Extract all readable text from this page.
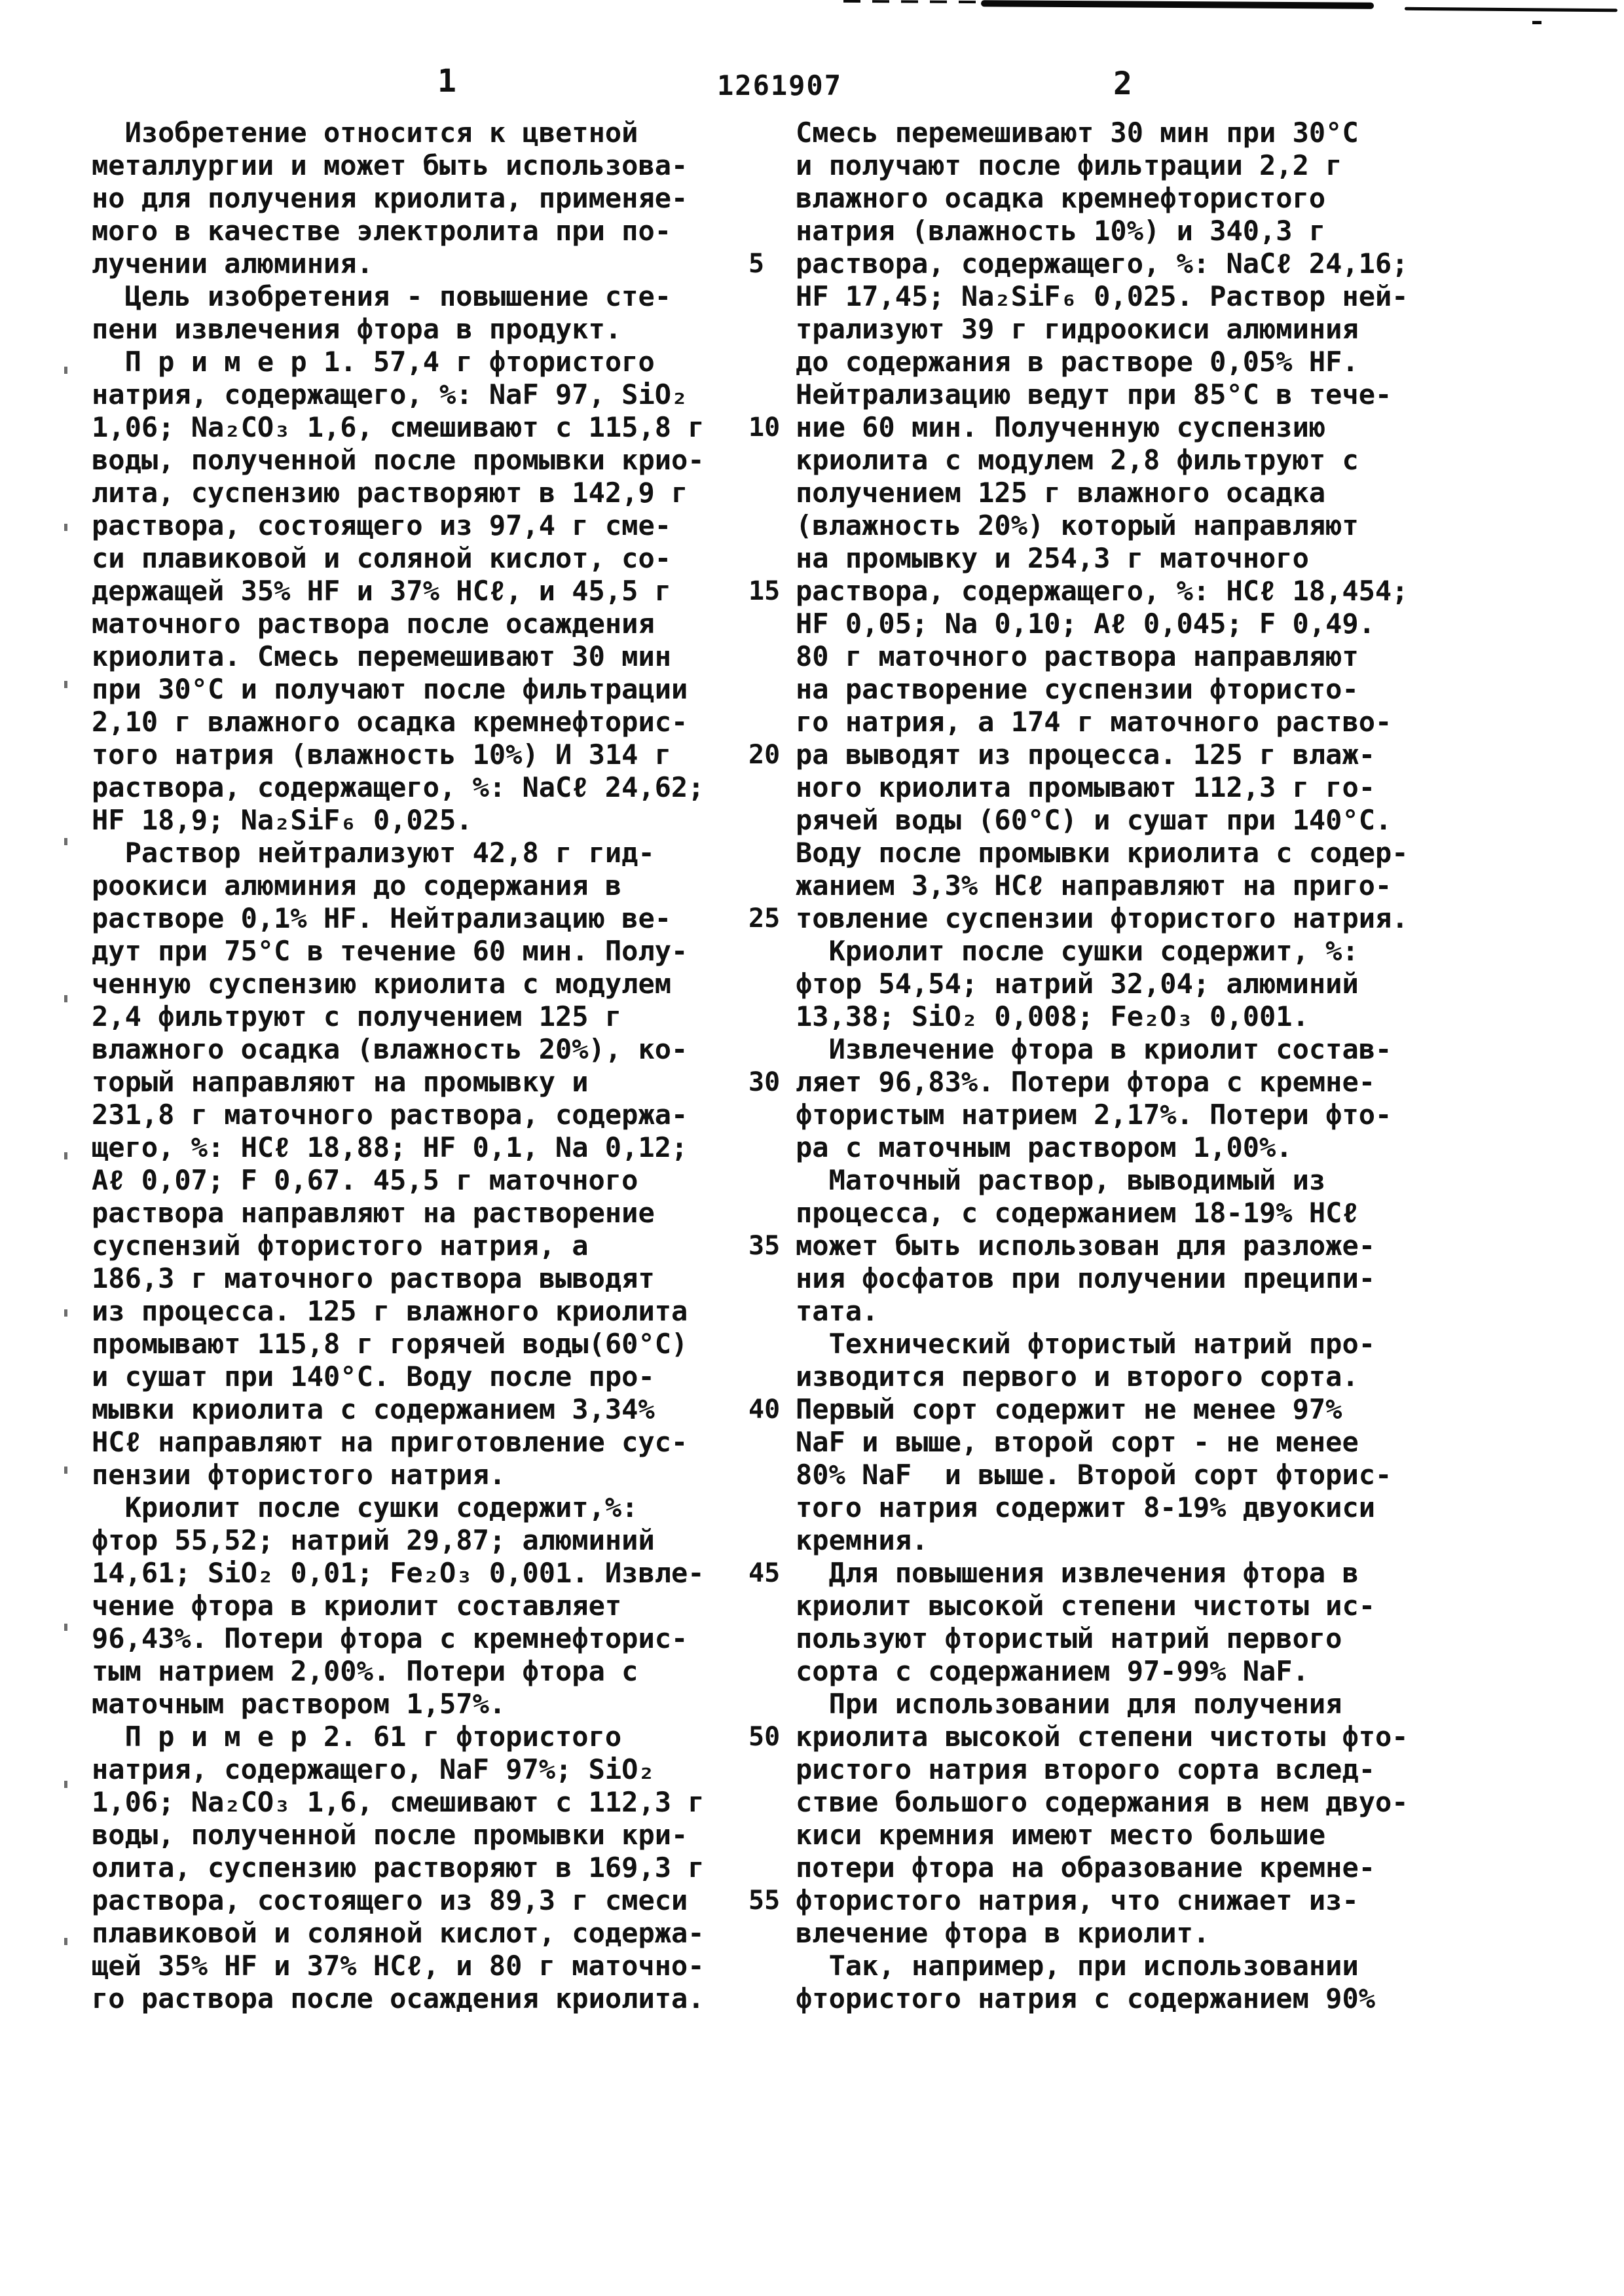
1	1261907	2
Изобретение относится к цветной
металлургии и может быть использова-
но для получения криолита, применяе-
мого в качестве электролита при по-
лучении алюминия.
Цель изобретения - повышение сте-
пени извлечения фтора в продукт.
П р и м е р 1. 57,4 г фтористого
натрия, содержащего, %: NaF 97, SiO₂
1,06; Na₂CO₃ 1,6, смешивают с 115,8 г
воды, полученной после промывки крио-
лита, суспензию растворяют в 142,9 г
раствора, состоящего из 97,4 г сме-
си плавиковой и соляной кислот, со-
держащей 35% HF и 37% HCℓ, и 45,5 г
маточного раствора после осаждения
криолита. Смесь перемешивают 30 мин
при 30°C и получают после фильтрации
2,10 г влажного осадка кремнефторис-
того натрия (влажность 10%) И 314 г
раствора, содержащего, %: NaCℓ 24,62;
HF 18,9; Na₂SiF₆ 0,025.
Раствор нейтрализуют 42,8 г гид-
роокиси алюминия до содержания в
растворе 0,1% HF. Нейтрализацию ве-
дут при 75°C в течение 60 мин. Полу-
ченную суспензию криолита с модулем
2,4 фильтруют с получением 125 г
влажного осадка (влажность 20%), ко-
торый направляют на промывку и
231,8 г маточного раствора, содержа-
щего, %: HCℓ 18,88; HF 0,1, Na 0,12;
Aℓ 0,07; F 0,67. 45,5 г маточного
раствора направляют на растворение
суспензий фтористого натрия, а
186,3 г маточного раствора выводят
из процесса. 125 г влажного криолита
промывают 115,8 г горячей воды(60°C)
и сушат при 140°C. Воду после про-
мывки криолита с содержанием 3,34%
HCℓ направляют на приготовление сус-
пензии фтористого натрия.
Криолит после сушки содержит,%:
фтор 55,52; натрий 29,87; алюминий
14,61; SiO₂ 0,01; Fe₂O₃ 0,001. Извле-
чение фтора в криолит составляет
96,43%. Потери фтора с кремнефторис-
тым натрием 2,00%. Потери фтора с
маточным раствором 1,57%.
П р и м е р 2. 61 г фтористого
натрия, содержащего, NaF 97%; SiO₂
1,06; Na₂CO₃ 1,6, смешивают с 112,3 г
воды, полученной после промывки кри-
олита, суспензию растворяют в 169,3 г
раствора, состоящего из 89,3 г смеси
плавиковой и соляной кислот, содержа-
щей 35% HF и 37% HCℓ, и 80 г маточно-
го раствора после осаждения криолита.
5
10
15
20
25
30
35
40
45
50
55
Смесь перемешивают 30 мин при 30°C
и получают после фильтрации 2,2 г
влажного осадка кремнефтористого
натрия (влажность 10%) и 340,3 г
раствора, содержащего, %: NaCℓ 24,16;
HF 17,45; Na₂SiF₆ 0,025. Раствор ней-
трализуют 39 г гидроокиси алюминия
до содержания в растворе 0,05% HF.
Нейтрализацию ведут при 85°C в тече-
ние 60 мин. Полученную суспензию
криолита с модулем 2,8 фильтруют с
получением 125 г влажного осадка
(влажность 20%) который направляют
на промывку и 254,3 г маточного
раствора, содержащего, %: HCℓ 18,454;
HF 0,05; Na 0,10; Aℓ 0,045; F 0,49.
80 г маточного раствора направляют
на растворение суспензии фтористо-
го натрия, а 174 г маточного раство-
ра выводят из процесса. 125 г влаж-
ного криолита промывают 112,3 г го-
рячей воды (60°C) и сушат при 140°C.
Воду после промывки криолита с содер-
жанием 3,3% HCℓ направляют на приго-
товление суспензии фтористого натрия.
Криолит после сушки содержит, %:
фтор 54,54; натрий 32,04; алюминий
13,38; SiO₂ 0,008; Fe₂O₃ 0,001.
Извлечение фтора в криолит состав-
ляет 96,83%. Потери фтора с кремне-
фтористым натрием 2,17%. Потери фто-
ра с маточным раствором 1,00%.
Маточный раствор, выводимый из
процесса, с содержанием 18-19% HCℓ
может быть использован для разложе-
ния фосфатов при получении преципи-
тата.
Технический фтористый натрий про-
изводится первого и второго сорта.
Первый сорт содержит не менее 97%
NaF и выше, второй сорт - не менее
80% NaF  и выше. Второй сорт фторис-
того натрия содержит 8-19% двуокиси
кремния.
Для повышения извлечения фтора в
криолит высокой степени чистоты ис-
пользуют фтористый натрий первого
сорта с содержанием 97-99% NaF.
При использовании для получения
криолита высокой степени чистоты фто-
ристого натрия второго сорта вслед-
ствие большого содержания в нем двуо-
киси кремния имеют место большие
потери фтора на образование кремне-
фтористого натрия, что снижает из-
влечение фтора в криолит.
Так, например, при использовании
фтористого натрия с содержанием 90%
